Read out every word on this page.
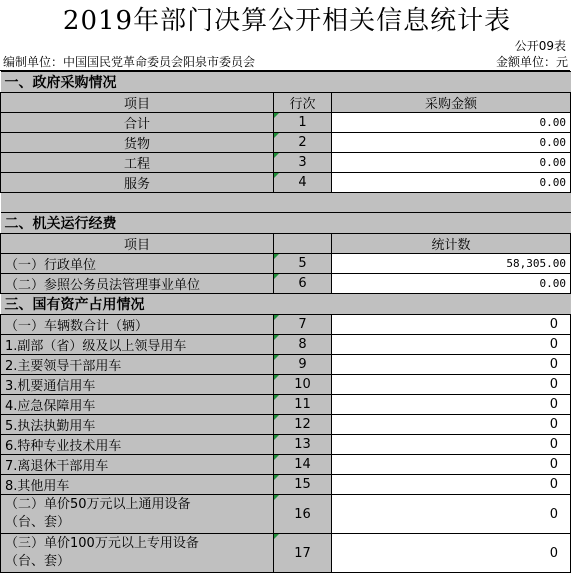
2019年部门决算公开相关信息统计表
公开09表
编制单位：中国国民党革命委员会阳泉市委员会	金额单位：元
一、政府采购情况		
项目	行次	采购金额
合计	1	0.00
货物	2	0.00
工程	3	0.00
服务	4	0.00

二、机关运行经费		
项目		统计数
（一）行政单位	5	58,305.00
（二）参照公务员法管理事业单位	6	0.00
三、国有资产占用情况		
（一）车辆数合计（辆）	7	0
1.副部（省）级及以上领导用车	8	0
2.主要领导干部用车	9	0
3.机要通信用车	10	0
4.应急保障用车	11	0
5.执法执勤用车	12	0
6.特种专业技术用车	13	0
7.离退休干部用车	14	0
8.其他用车	15	0

（二）单价50万元以上通用设备
（台、套）	16	0

（三）单价100万元以上专用设备
（台、套）	17	0
